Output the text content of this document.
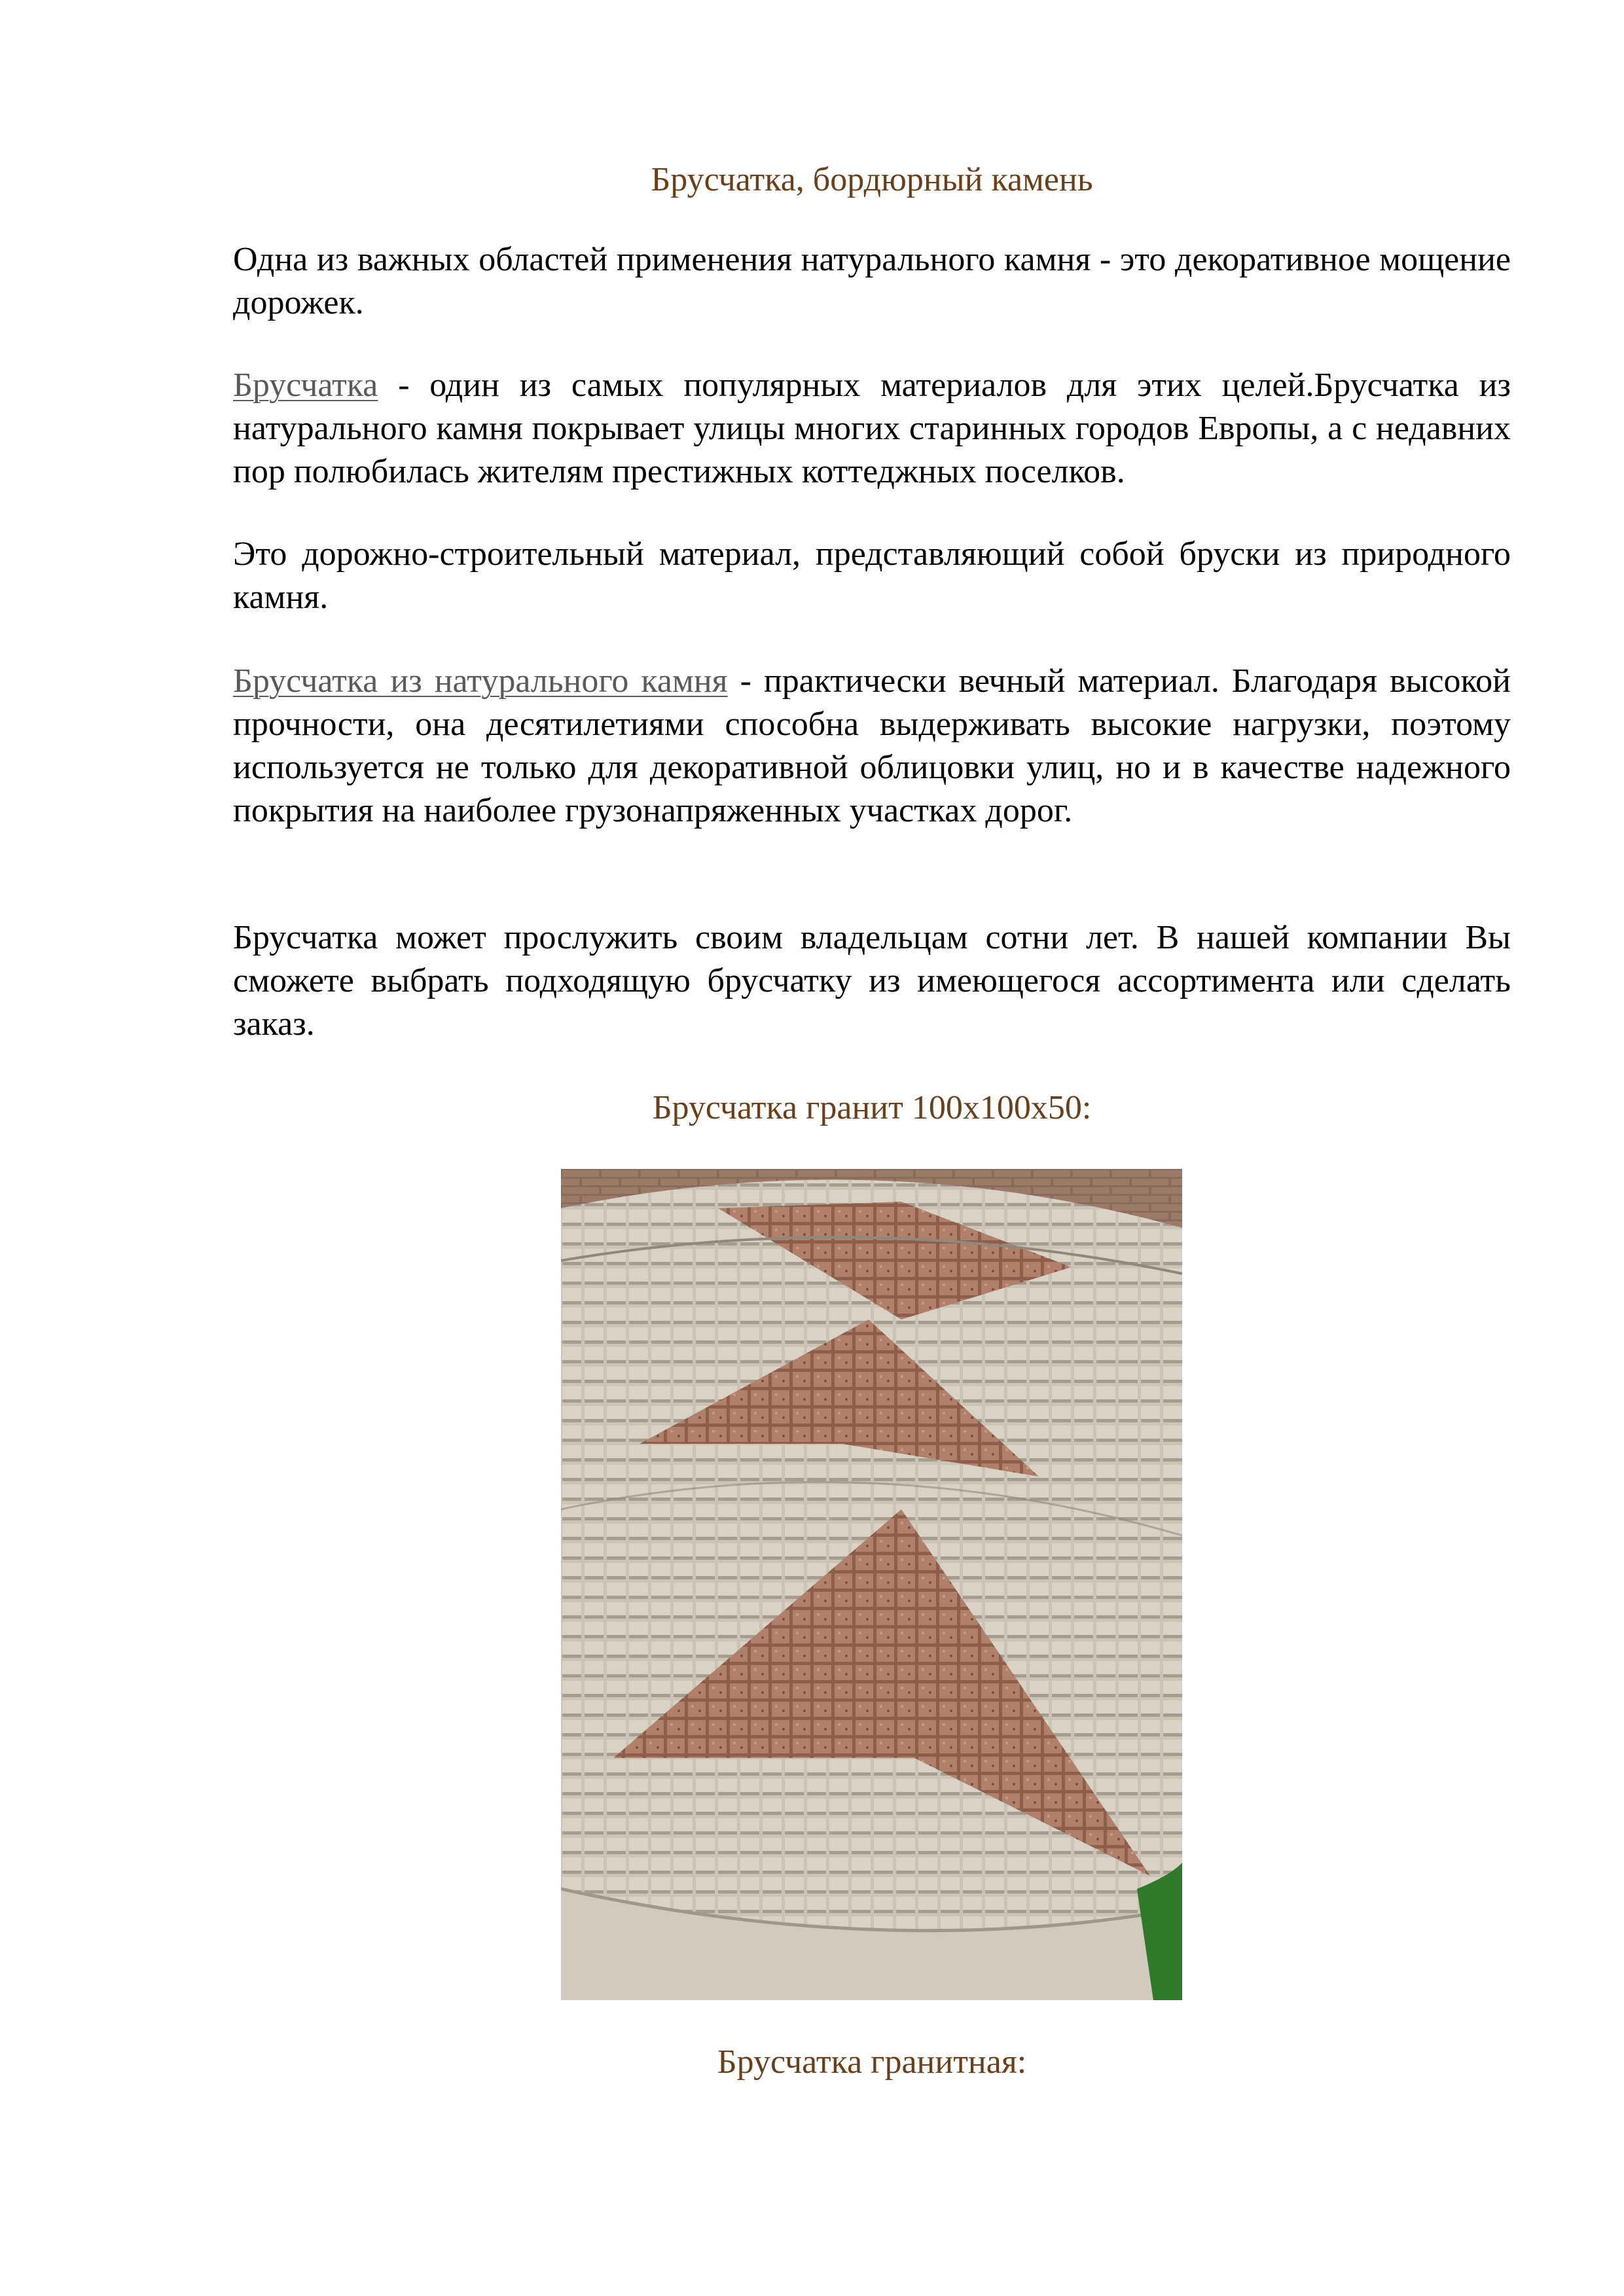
Брусчатка, бордюрный камень

Одна из важных областей применения натурального камня - это декоративное мощение дорожек.

Брусчатка - один из самых популярных материалов для этих целей.Брусчатка из натурального камня покрывает улицы многих старинных городов Европы, а с недавних пор полюбилась жителям престижных коттеджных поселков.

Это дорожно-строительный материал, представляющий собой бруски из природного камня.

Брусчатка из натурального камня - практически вечный материал. Благодаря высокой прочности, она десятилетиями способна выдерживать высокие нагрузки, поэтому используется не только для декоративной облицовки улиц, но и в качестве надежного покрытия на наиболее грузонапряженных участках дорог.

Брусчатка может прослужить своим владельцам сотни лет. В нашей компании Вы сможете выбрать подходящую брусчатку из имеющегося ассортимента или сделать заказ.

Брусчатка гранит 100х100х50:
Брусчатка гранитная:
